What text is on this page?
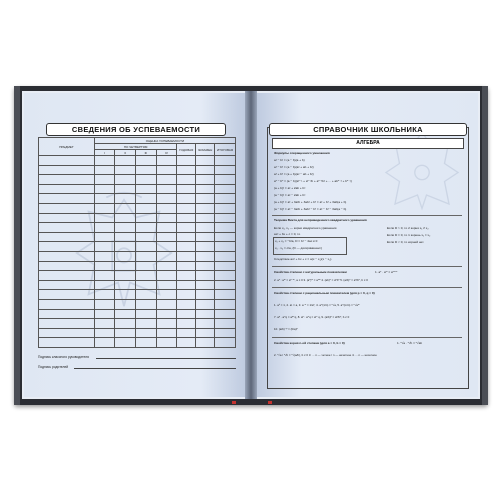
СВЕДЕНИЯ ОБ УСПЕВАЕМОСТИ
ПРЕДМЕТ	ОЦЕНКА УСПЕВАЕМОСТИ						
	ПО ЧЕТВЕРТЯМ				ГОДОВАЯ	ЭКЗАМЕН	ИТОГОВАЯ
	I	II	III	IV			

Подпись классного руководителя
Подпись родителей
СПРАВОЧНИК ШКОЛЬНИКА
АЛГЕБРА
Формулы сокращенного умножения
a² − b² = (a − b)(a + b)
a³ − b³ = (a − b)(a² + ab + b²)
a³ + b³ = (a + b)(a² − ab + b²)
aⁿ − bⁿ = (a − b)(aⁿ⁻¹ + aⁿ⁻²b + aⁿ⁻³b² + ... + abⁿ⁻² + bⁿ⁻¹)
(a + b)² = a² + 2ab + b²
(a − b)² = a² − 2ab + b²
(a + b)³ = a³ + 3a²b + 3ab² + b³ = a³ + b³ + 3ab(a + b)
(a − b)³ = a³ − 3a²b + 3ab² − b³ = a³ − b³ − 3ab(a − b)
Теорема Виета для неприведенного квадратного уравнения
Если x₁, x₂ — корни квадратного уравнения
ax² + bx + c = 0, то
x₁ + x₂ = −b/a, D = b² − 4ac ≥ 0
x₁ · x₂ = c/a, (D — дискриминант)
Если D > 0, то 2 корня x₁ ≠ x₂
Если D = 0, то 1 корень x₁ = x₂
Если D < 0, то корней нет.
Следствие ax² + bx + c = a(x − x₁)(x − x₂)
Свойства степени с натуральным показателем	1. aⁿ · aᵐ = aⁿ⁺ᵐ
2. aⁿ : aᵐ = aⁿ⁻ᵐ, a ≠ 0 3. (aⁿ)ᵐ = aⁿᵐ 4. (ab)ⁿ = aⁿbⁿ 5. (a/b)ⁿ = aⁿ/bⁿ, b ≠ 0
Свойства степени с рациональным показателем (для p > 0, q > 0)
1. a⁰ = 1, 2. a¹ = a, 3. a⁻ⁿ = 1/aⁿ, 4. a^(1/n) = ⁿ√a, 5. a^(m/n) = ⁿ√aᵐ
7. aᵖ · a^q = aᵖ⁺q, 8. aᵖ : a^q = aᵖ⁻q, 9. (a/b)ᵖ = aᵖ/bᵖ, b ≠ 0
10. (a/b)⁻ᵖ = (b/a)ᵖ
Свойства корня n-ой степени (для a > 0, b > 0)	1. ⁿ√a · ⁿ√b = ⁿ√ab
2. ⁿ√a / ⁿ√b = ⁿ√(a/b), b ≠ 0 3. ... n — четное / n — нечетное 4. ... n — нечетное
